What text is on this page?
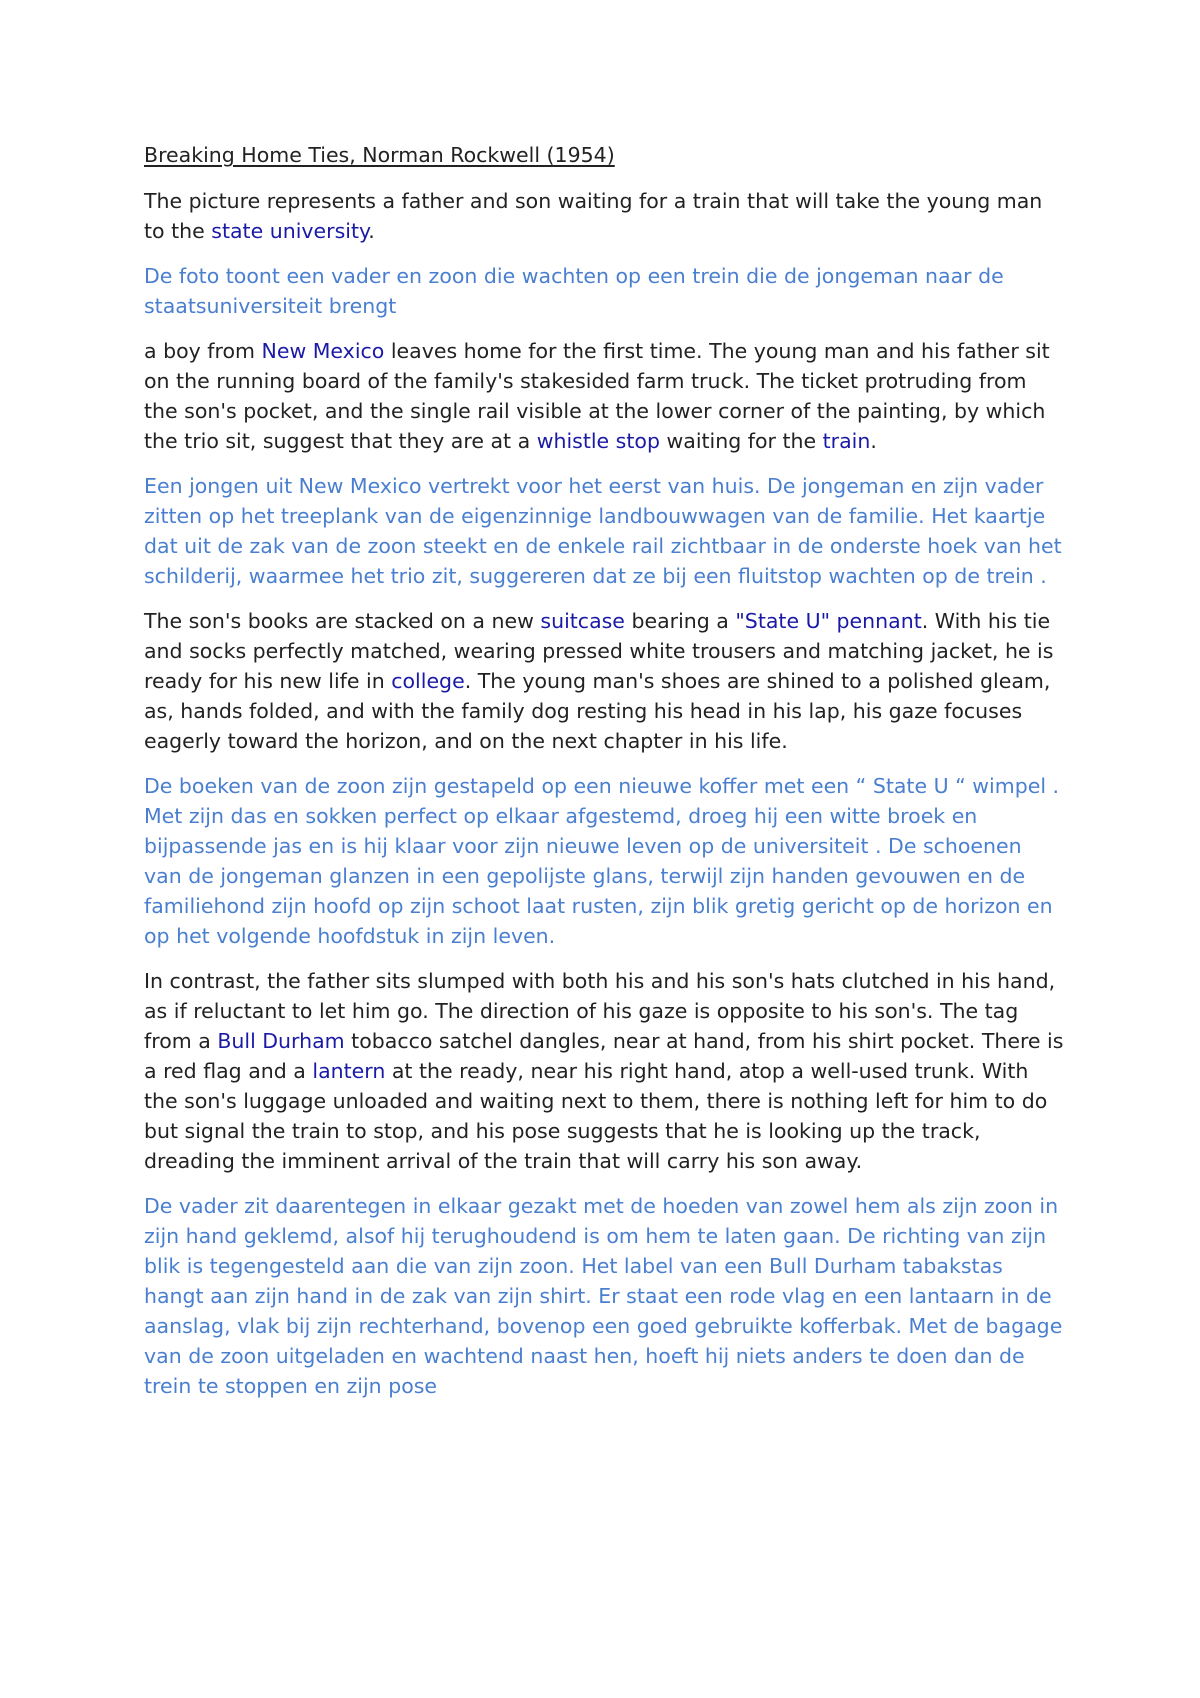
Breaking Home Ties, Norman Rockwell (1954)

The picture represents a father and son waiting for a train that will take the young man to the state university.

De foto toont een vader en zoon die wachten op een trein die de jongeman naar de staatsuniversiteit brengt

a boy from New Mexico leaves home for the first time. The young man and his father sit on the running board of the family's stakesided farm truck. The ticket protruding from the son's pocket, and the single rail visible at the lower corner of the painting, by which the trio sit, suggest that they are at a whistle stop waiting for the train.

Een jongen uit New Mexico vertrekt voor het eerst van huis. De jongeman en zijn vader zitten op het treeplank van de eigenzinnige landbouwwagen van de familie. Het kaartje dat uit de zak van de zoon steekt en de enkele rail zichtbaar in de onderste hoek van het schilderij, waarmee het trio zit, suggereren dat ze bij een fluitstop wachten op de trein .

The son's books are stacked on a new suitcase bearing a "State U" pennant. With his tie and socks perfectly matched, wearing pressed white trousers and matching jacket, he is ready for his new life in college. The young man's shoes are shined to a polished gleam, as, hands folded, and with the family dog resting his head in his lap, his gaze focuses eagerly toward the horizon, and on the next chapter in his life.

De boeken van de zoon zijn gestapeld op een nieuwe koffer met een “ State U “ wimpel . Met zijn das en sokken perfect op elkaar afgestemd, droeg hij een witte broek en bijpassende jas en is hij klaar voor zijn nieuwe leven op de universiteit . De schoenen van de jongeman glanzen in een gepolijste glans, terwijl zijn handen gevouwen en de familiehond zijn hoofd op zijn schoot laat rusten, zijn blik gretig gericht op de horizon en op het volgende hoofdstuk in zijn leven.

In contrast, the father sits slumped with both his and his son's hats clutched in his hand, as if reluctant to let him go. The direction of his gaze is opposite to his son's. The tag from a Bull Durham tobacco satchel dangles, near at hand, from his shirt pocket. There is a red flag and a lantern at the ready, near his right hand, atop a well-used trunk. With the son's luggage unloaded and waiting next to them, there is nothing left for him to do but signal the train to stop, and his pose suggests that he is looking up the track, dreading the imminent arrival of the train that will carry his son away.

De vader zit daarentegen in elkaar gezakt met de hoeden van zowel hem als zijn zoon in zijn hand geklemd, alsof hij terughoudend is om hem te laten gaan. De richting van zijn blik is tegengesteld aan die van zijn zoon. Het label van een Bull Durham tabakstas hangt aan zijn hand in de zak van zijn shirt. Er staat een rode vlag en een lantaarn in de aanslag, vlak bij zijn rechterhand, bovenop een goed gebruikte kofferbak. Met de bagage van de zoon uitgeladen en wachtend naast hen, hoeft hij niets anders te doen dan de trein te stoppen en zijn pose
